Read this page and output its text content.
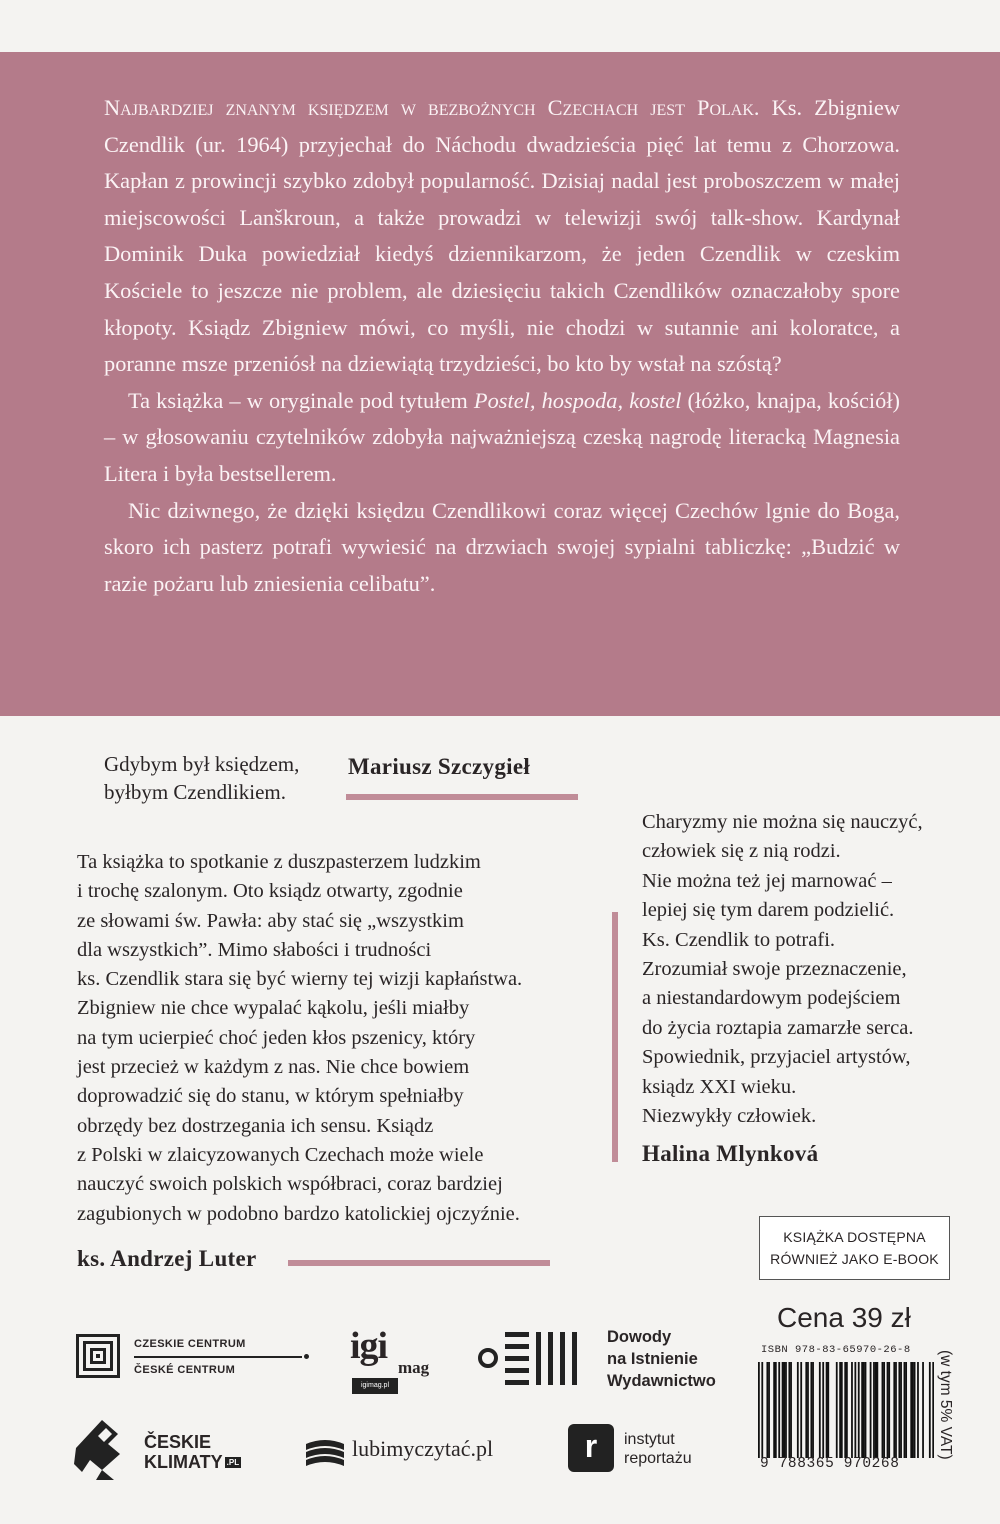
Najbardziej znanym księdzem w bezbożnych Czechach jest Polak. Ks. Zbigniew Czendlik (ur. 1964) przyjechał do Náchodu dwadzieścia pięć lat temu z Chorzowa. Kapłan z prowincji szybko zdobył popularność. Dzisiaj nadal jest proboszczem w małej miejscowości Lanškroun, a także prowadzi w telewizji swój talk-show. Kardynał Dominik Duka powiedział kiedyś dziennikarzom, że jeden Czendlik w czeskim Kościele to jeszcze nie problem, ale dziesięciu takich Czendlików oznaczałoby spore kłopoty. Ksiądz Zbigniew mówi, co myśli, nie chodzi w sutannie ani koloratce, a poranne msze przeniósł na dziewiątą trzydzieści, bo kto by wstał na szóstą?

Ta książka – w oryginale pod tytułem Postel, hospoda, kostel (łóżko, knajpa, kościół) – w głosowaniu czytelników zdobyła najważniejszą czeską nagrodę literacką Magnesia Litera i była bestsellerem.

Nic dziwnego, że dzięki księdzu Czendlikowi coraz więcej Czechów lgnie do Boga, skoro ich pasterz potrafi wywiesić na drzwiach swojej sypialni tabliczkę: „Budzić w razie pożaru lub zniesienia celibatu”.

Gdybym był księdzem,
byłbym Czendlikiem.
Mariusz Szczygieł
Ta książka to spotkanie z duszpasterzem ludzkim
i trochę szalonym. Oto ksiądz otwarty, zgodnie
ze słowami św. Pawła: aby stać się „wszystkim
dla wszystkich”. Mimo słabości i trudności
ks. Czendlik stara się być wierny tej wizji kapłaństwa.
Zbigniew nie chce wypalać kąkolu, jeśli miałby
na tym ucierpieć choć jeden kłos pszenicy, który
jest przecież w każdym z nas. Nie chce bowiem
doprowadzić się do stanu, w którym spełniałby
obrzędy bez dostrzegania ich sensu. Ksiądz
z Polski w zlaicyzowanych Czechach może wiele
nauczyć swoich polskich współbraci, coraz bardziej
zagubionych w podobno bardzo katolickiej ojczyźnie.
ks. Andrzej Luter
Charyzmy nie można się nauczyć,
człowiek się z nią rodzi.
Nie można też jej marnować –
lepiej się tym darem podzielić.
Ks. Czendlik to potrafi.
Zrozumiał swoje przeznaczenie,
a niestandardowym podejściem
do życia roztapia zamarzłe serca.
Spowiednik, przyjaciel artystów,
ksiądz XXI wieku.
Niezwykły człowiek.
Halina Mlynková
KSIĄŻKA DOSTĘPNA
RÓWNIEŻ JAKO E-BOOK
Cena 39 zł
ISBN 978-83-65970-26-8
9 788365 970268
(w tym 5% VAT)
CZESKIE CENTRUM
ČESKÉ CENTRUM
igi
mag
igimag.pl
Dowody
na Istnienie
Wydawnictwo
ČESKIE
KLIMATY .PL
lubimyczytać.pl	r	instytut
reportażu
